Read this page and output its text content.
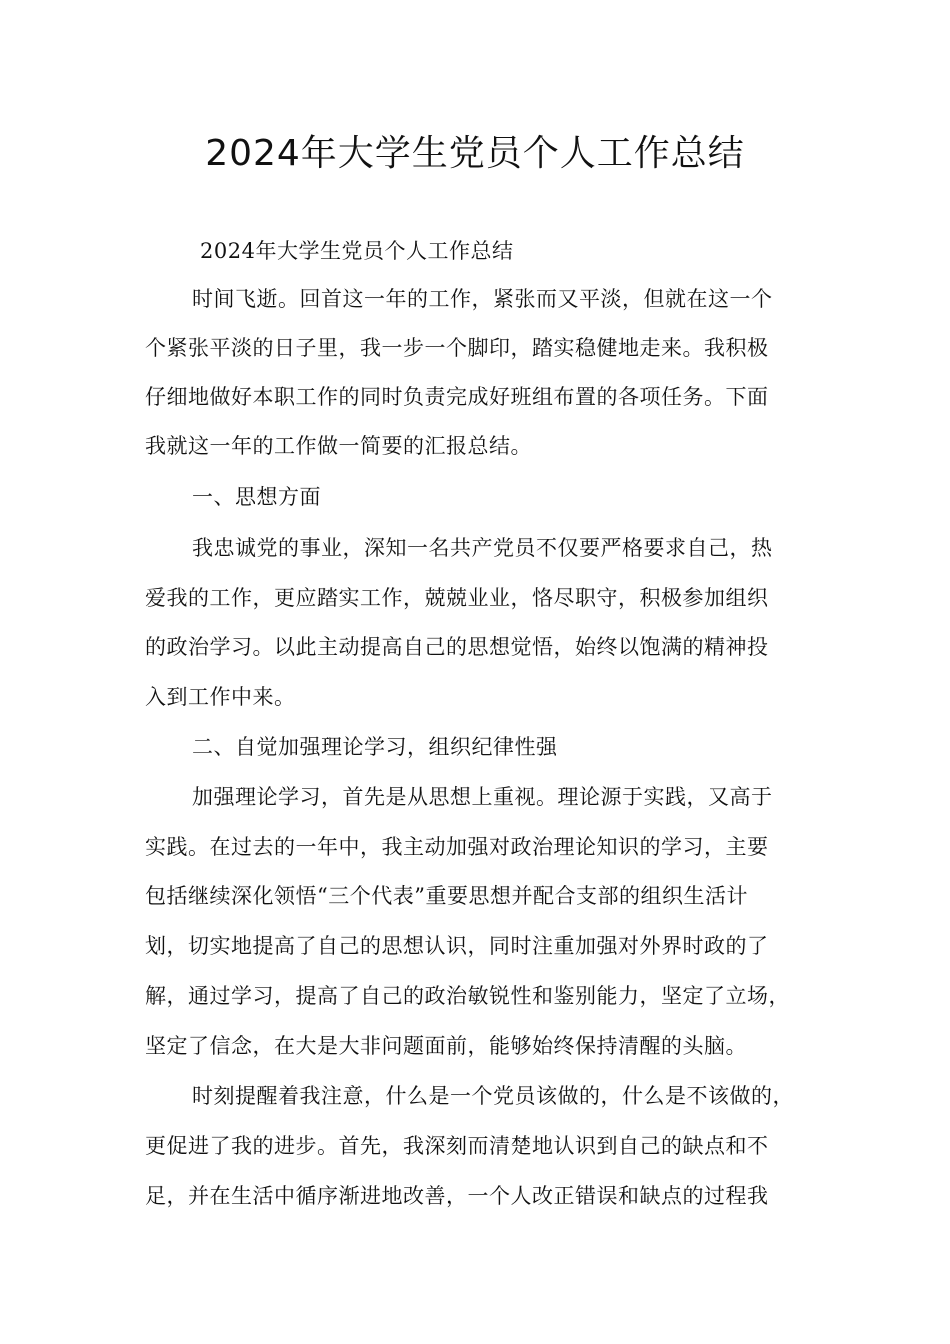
2024年大学生党员个人工作总结

2024年大学生党员个人工作总结

时间飞逝。回首这一年的工作，紧张而又平淡，但就在这一个

个紧张平淡的日子里，我一步一个脚印，踏实稳健地走来。我积极

仔细地做好本职工作的同时负责完成好班组布置的各项任务。下面

我就这一年的工作做一简要的汇报总结。

一、思想方面

我忠诚党的事业，深知一名共产党员不仅要严格要求自己，热

爱我的工作，更应踏实工作，兢兢业业，恪尽职守，积极参加组织

的政治学习。以此主动提高自己的思想觉悟，始终以饱满的精神投

入到工作中来。

二、自觉加强理论学习，组织纪律性强

加强理论学习，首先是从思想上重视。理论源于实践，又高于

实践。在过去的一年中，我主动加强对政治理论知识的学习，主要

包括继续深化领悟“三个代表”重要思想并配合支部的组织生活计

划，切实地提高了自己的思想认识，同时注重加强对外界时政的了

解，通过学习，提高了自己的政治敏锐性和鉴别能力，坚定了立场，

坚定了信念，在大是大非问题面前，能够始终保持清醒的头脑。

时刻提醒着我注意，什么是一个党员该做的，什么是不该做的，

更促进了我的进步。首先，我深刻而清楚地认识到自己的缺点和不

足，并在生活中循序渐进地改善，一个人改正错误和缺点的过程我
